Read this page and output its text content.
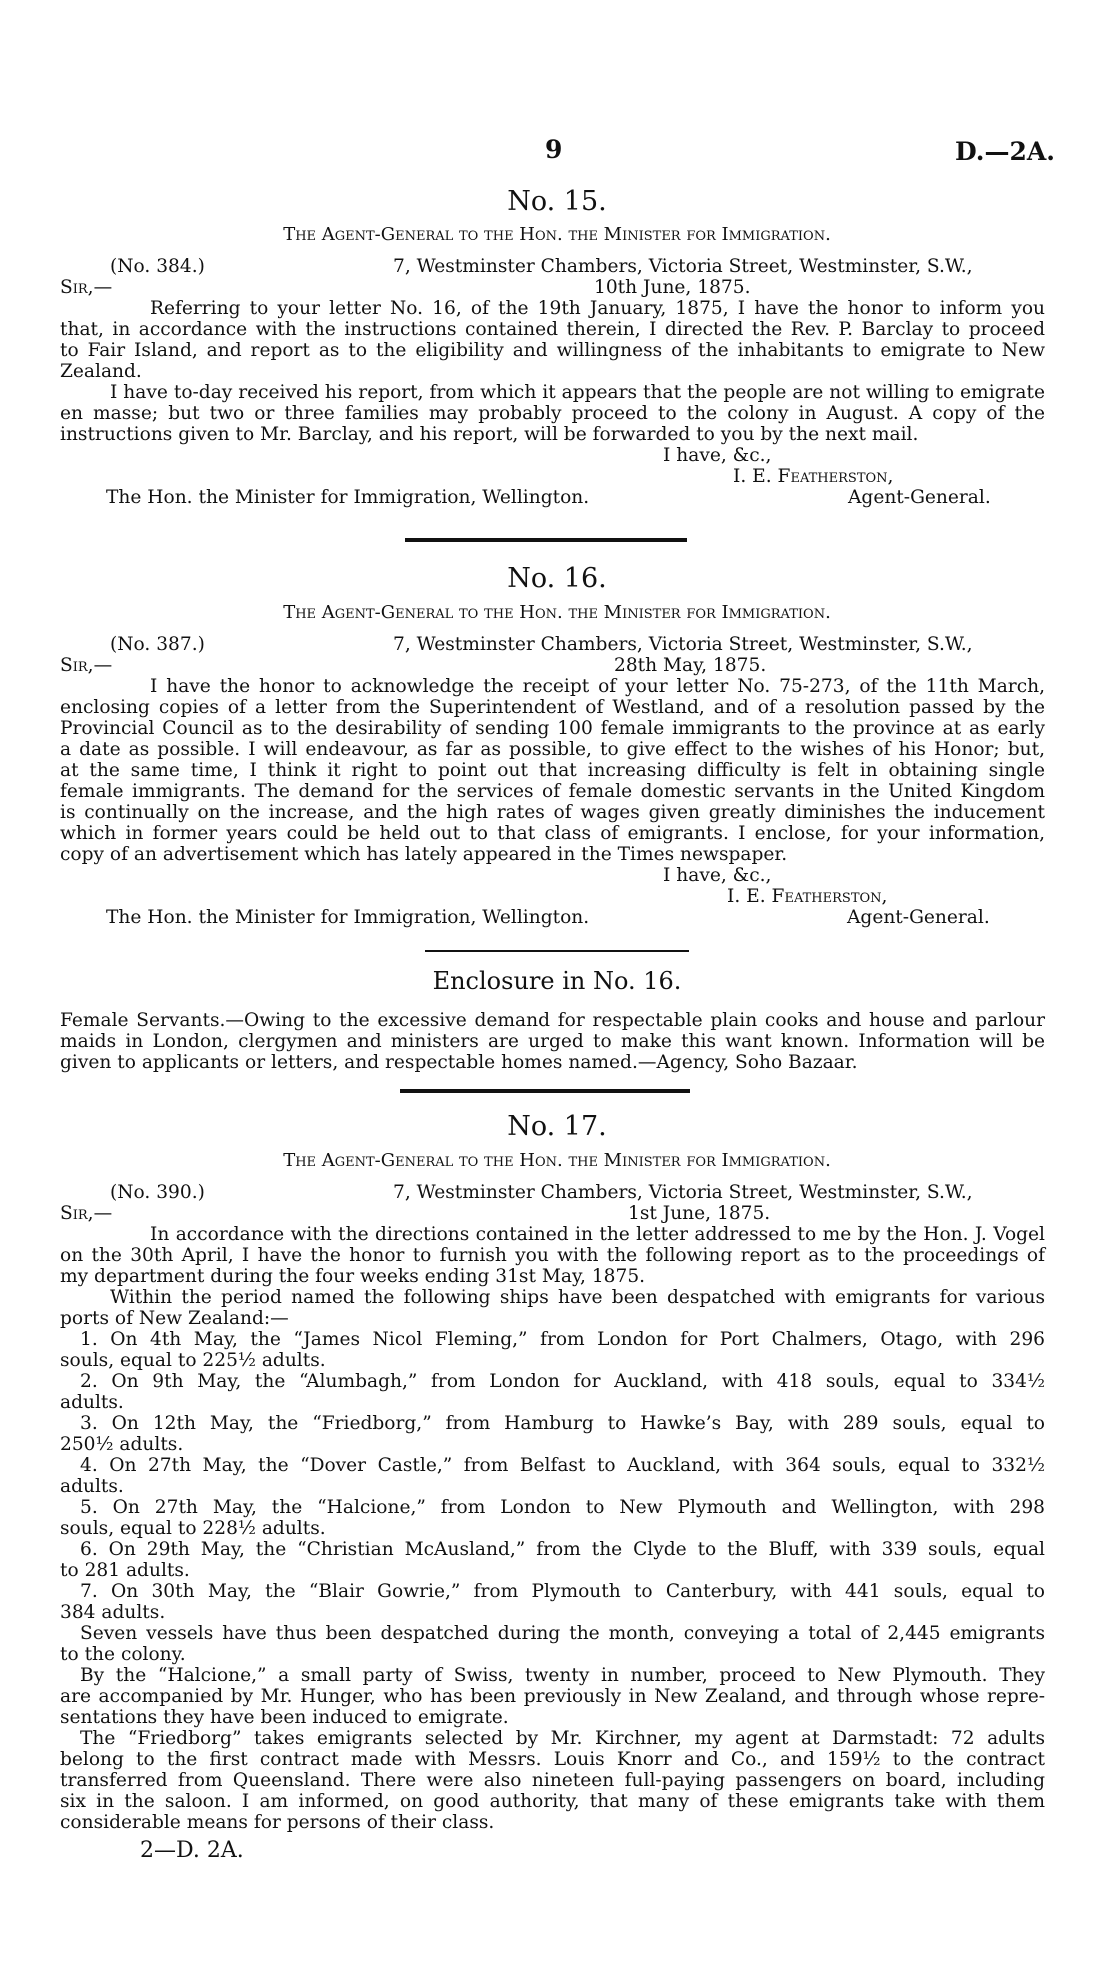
9	D.—2A.
No. 15.
The Agent-General to the Hon. the Minister for Immigration.
(No. 384.)	7, Westminster Chambers, Victoria Street, Westminster, S.W.,
Sir,—	10th June, 1875.
Referring to your letter No. 16, of the 19th January, 1875, I have the honor to inform you
that, in accordance with the instructions contained therein, I directed the Rev. P. Barclay to proceed
to Fair Island, and report as to the eligibility and willingness of the inhabitants to emigrate to New
Zealand.
I have to-day received his report, from which it appears that the people are not willing to emigrate
en masse; but two or three families may probably proceed to the colony in August. A copy of the
instructions given to Mr. Barclay, and his report, will be forwarded to you by the next mail.
I have, &c.,
I. E. Featherston,
The Hon. the Minister for Immigration, Wellington.	Agent-General.
No. 16.
The Agent-General to the Hon. the Minister for Immigration.
(No. 387.)	7, Westminster Chambers, Victoria Street, Westminster, S.W.,
Sir,—	28th May, 1875.
I have the honor to acknowledge the receipt of your letter No. 75-273, of the 11th March,
enclosing copies of a letter from the Superintendent of Westland, and of a resolution passed by the
Provincial Council as to the desirability of sending 100 female immigrants to the province at as early
a date as possible. I will endeavour, as far as possible, to give effect to the wishes of his Honor; but,
at the same time, I think it right to point out that increasing difficulty is felt in obtaining single
female immigrants. The demand for the services of female domestic servants in the United Kingdom
is continually on the increase, and the high rates of wages given greatly diminishes the inducement
which in former years could be held out to that class of emigrants. I enclose, for your information,
copy of an advertisement which has lately appeared in the Times newspaper.
I have, &c.,
I. E. Featherston,
The Hon. the Minister for Immigration, Wellington.	Agent-General.
Enclosure in No. 16.
Female Servants.—Owing to the excessive demand for respectable plain cooks and house and parlour
maids in London, clergymen and ministers are urged to make this want known. Information will be
given to applicants or letters, and respectable homes named.—Agency, Soho Bazaar.
No. 17.
The Agent-General to the Hon. the Minister for Immigration.
(No. 390.)	7, Westminster Chambers, Victoria Street, Westminster, S.W.,
Sir,—	1st June, 1875.
In accordance with the directions contained in the letter addressed to me by the Hon. J. Vogel
on the 30th April, I have the honor to furnish you with the following report as to the proceedings of
my department during the four weeks ending 31st May, 1875.
Within the period named the following ships have been despatched with emigrants for various
ports of New Zealand:—
1. On 4th May, the “James Nicol Fleming,” from London for Port Chalmers, Otago, with 296
souls, equal to 225½ adults.
2. On 9th May, the “Alumbagh,” from London for Auckland, with 418 souls, equal to 334½
adults.
3. On 12th May, the “Friedborg,” from Hamburg to Hawke’s Bay, with 289 souls, equal to
250½ adults.
4. On 27th May, the “Dover Castle,” from Belfast to Auckland, with 364 souls, equal to 332½
adults.
5. On 27th May, the “Halcione,” from London to New Plymouth and Wellington, with 298
souls, equal to 228½ adults.
6. On 29th May, the “Christian McAusland,” from the Clyde to the Bluff, with 339 souls, equal
to 281 adults.
7. On 30th May, the “Blair Gowrie,” from Plymouth to Canterbury, with 441 souls, equal to
384 adults.
Seven vessels have thus been despatched during the month, conveying a total of 2,445 emigrants
to the colony.
By the “Halcione,” a small party of Swiss, twenty in number, proceed to New Plymouth. They
are accompanied by Mr. Hunger, who has been previously in New Zealand, and through whose repre-
sentations they have been induced to emigrate.
The “Friedborg” takes emigrants selected by Mr. Kirchner, my agent at Darmstadt: 72 adults
belong to the first contract made with Messrs. Louis Knorr and Co., and 159½ to the contract
transferred from Queensland. There were also nineteen full-paying passengers on board, including
six in the saloon. I am informed, on good authority, that many of these emigrants take with them
considerable means for persons of their class.
2—D. 2A.
